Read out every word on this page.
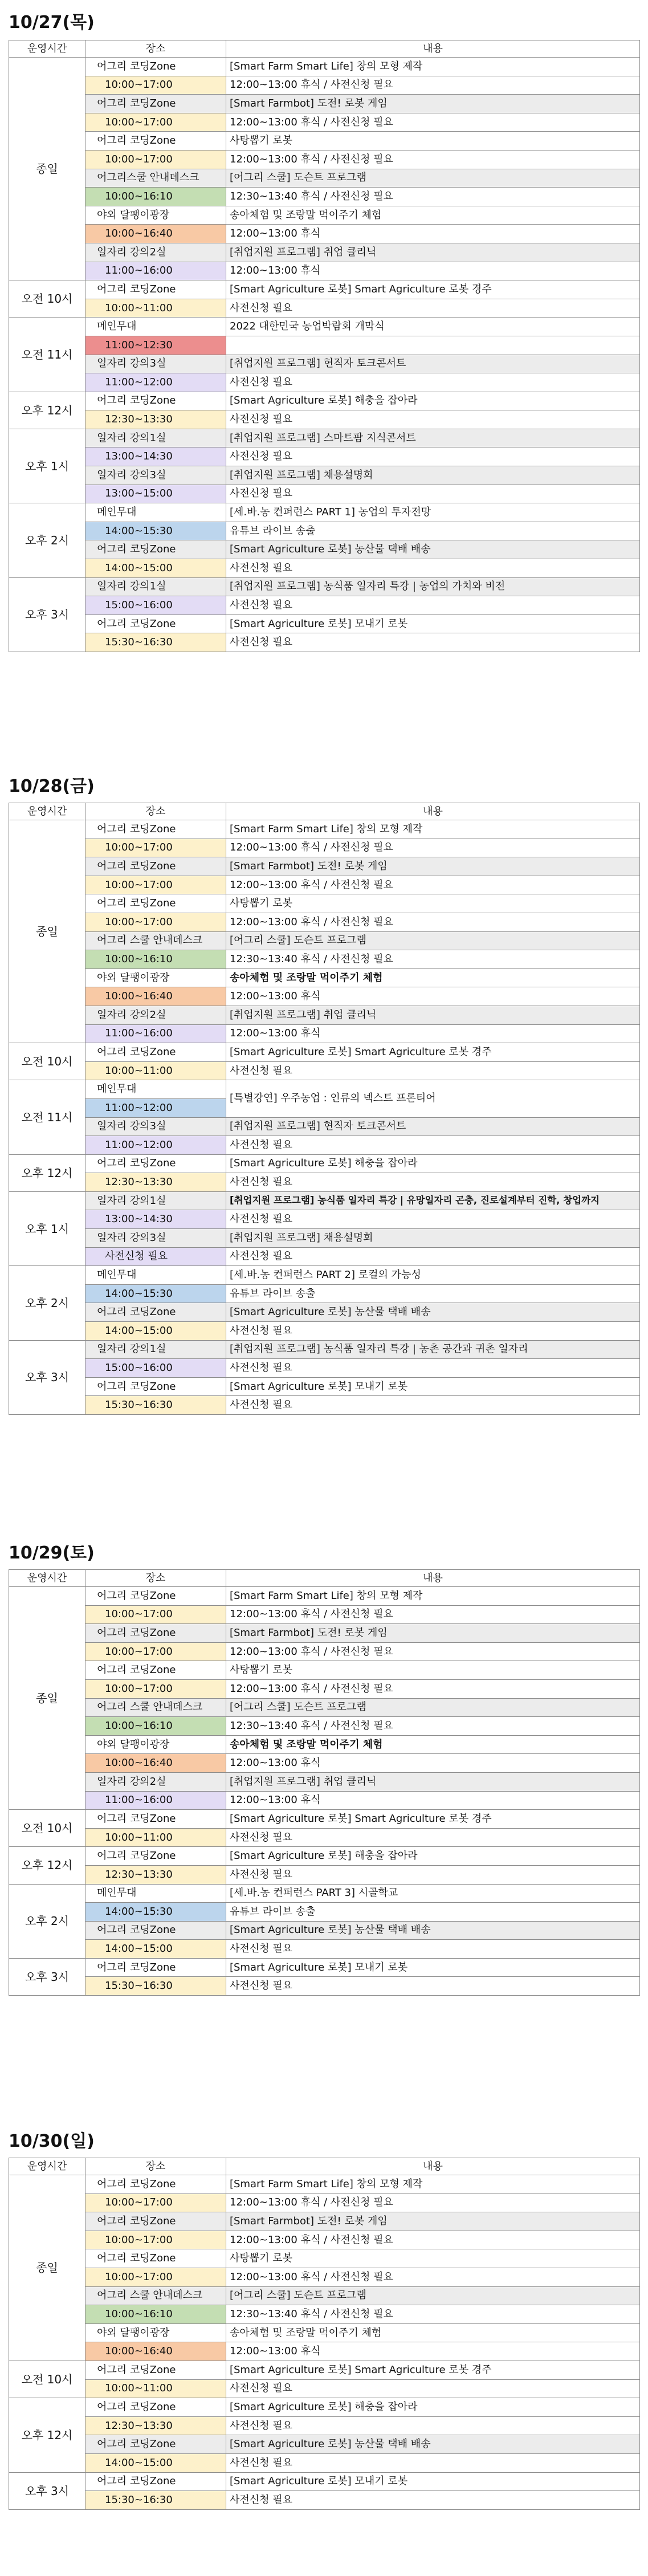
10/27(목)
운영시간	장소	내용
종일	어그리 코딩Zone	[Smart Farm Smart Life] 창의 모형 제작
	10:00~17:00	12:00~13:00 휴식 / 사전신청 필요
	어그리 코딩Zone	[Smart Farmbot] 도전! 로봇 게임
	10:00~17:00	12:00~13:00 휴식 / 사전신청 필요
	어그리 코딩Zone	사탕뽑기 로봇
	10:00~17:00	12:00~13:00 휴식 / 사전신청 필요
	어그리스쿨 안내데스크	[어그리 스쿨] 도슨트 프로그램
	10:00~16:10	12:30~13:40 휴식 / 사전신청 필요
	야외 달팽이광장	송아체험 및 조랑말 먹이주기 체험
	10:00~16:40	12:00~13:00 휴식
	일자리 강의2실	[취업지원 프로그램] 취업 클리닉
	11:00~16:00	12:00~13:00 휴식
오전 10시	어그리 코딩Zone	[Smart Agriculture 로봇] Smart Agriculture 로봇 경주
	10:00~11:00	사전신청 필요
오전 11시	메인무대	2022 대한민국 농업박람회 개막식
	11:00~12:30	
	일자리 강의3실	[취업지원 프로그램] 현직자 토크콘서트
	11:00~12:00	사전신청 필요
오후 12시	어그리 코딩Zone	[Smart Agriculture 로봇] 해충을 잡아라
	12:30~13:30	사전신청 필요
오후 1시	일자리 강의1실	[취업지원 프로그램] 스마트팜 지식콘서트
	13:00~14:30	사전신청 필요
	일자리 강의3실	[취업지원 프로그램] 채용설명회
	13:00~15:00	사전신청 필요
오후 2시	메인무대	[세.바.농 컨퍼런스 PART 1] 농업의 투자전망
	14:00~15:30	유튜브 라이브 송출
	어그리 코딩Zone	[Smart Agriculture 로봇] 농산물 택배 배송
	14:00~15:00	사전신청 필요
오후 3시	일자리 강의1실	[취업지원 프로그램] 농식품 일자리 특강 | 농업의 가치와 비전
	15:00~16:00	사전신청 필요
	어그리 코딩Zone	[Smart Agriculture 로봇] 모내기 로봇
	15:30~16:30	사전신청 필요
10/28(금)
운영시간	장소	내용
종일	어그리 코딩Zone	[Smart Farm Smart Life] 창의 모형 제작
	10:00~17:00	12:00~13:00 휴식 / 사전신청 필요
	어그리 코딩Zone	[Smart Farmbot] 도전! 로봇 게임
	10:00~17:00	12:00~13:00 휴식 / 사전신청 필요
	어그리 코딩Zone	사탕뽑기 로봇
	10:00~17:00	12:00~13:00 휴식 / 사전신청 필요
	어그리 스쿨 안내데스크	[어그리 스쿨] 도슨트 프로그램
	10:00~16:10	12:30~13:40 휴식 / 사전신청 필요
	야외 달팽이광장	송아체험 및 조랑말 먹이주기 체험
	10:00~16:40	12:00~13:00 휴식
	일자리 강의2실	[취업지원 프로그램] 취업 클리닉
	11:00~16:00	12:00~13:00 휴식
오전 10시	어그리 코딩Zone	[Smart Agriculture 로봇] Smart Agriculture 로봇 경주
	10:00~11:00	사전신청 필요
오전 11시	메인무대	[특별강연] 우주농업 : 인류의 넥스트 프론티어
	11:00~12:00	
	일자리 강의3실	[취업지원 프로그램] 현직자 토크콘서트
	11:00~12:00	사전신청 필요
오후 12시	어그리 코딩Zone	[Smart Agriculture 로봇] 해충을 잡아라
	12:30~13:30	사전신청 필요
오후 1시	일자리 강의1실	[취업지원 프로그램] 농식품 일자리 특강 | 유망일자리 곤충, 진로설계부터 진학, 창업까지
	13:00~14:30	사전신청 필요
	일자리 강의3실	[취업지원 프로그램] 채용설명회
	사전신청 필요	사전신청 필요
오후 2시	메인무대	[세.바.농 컨퍼런스 PART 2] 로컬의 가능성
	14:00~15:30	유튜브 라이브 송출
	어그리 코딩Zone	[Smart Agriculture 로봇] 농산물 택배 배송
	14:00~15:00	사전신청 필요
오후 3시	일자리 강의1실	[취업지원 프로그램] 농식품 일자리 특강 | 농촌 공간과 귀촌 일자리
	15:00~16:00	사전신청 필요
	어그리 코딩Zone	[Smart Agriculture 로봇] 모내기 로봇
	15:30~16:30	사전신청 필요
10/29(토)
운영시간	장소	내용
종일	어그리 코딩Zone	[Smart Farm Smart Life] 창의 모형 제작
	10:00~17:00	12:00~13:00 휴식 / 사전신청 필요
	어그리 코딩Zone	[Smart Farmbot] 도전! 로봇 게임
	10:00~17:00	12:00~13:00 휴식 / 사전신청 필요
	어그리 코딩Zone	사탕뽑기 로봇
	10:00~17:00	12:00~13:00 휴식 / 사전신청 필요
	어그리 스쿨 안내데스크	[어그리 스쿨] 도슨트 프로그램
	10:00~16:10	12:30~13:40 휴식 / 사전신청 필요
	야외 달팽이광장	송아체험 및 조랑말 먹이주기 체험
	10:00~16:40	12:00~13:00 휴식
	일자리 강의2실	[취업지원 프로그램] 취업 클리닉
	11:00~16:00	12:00~13:00 휴식
오전 10시	어그리 코딩Zone	[Smart Agriculture 로봇] Smart Agriculture 로봇 경주
	10:00~11:00	사전신청 필요
오후 12시	어그리 코딩Zone	[Smart Agriculture 로봇] 해충을 잡아라
	12:30~13:30	사전신청 필요
오후 2시	메인무대	[세.바.농 컨퍼런스 PART 3] 시골학교
	14:00~15:30	유튜브 라이브 송출
	어그리 코딩Zone	[Smart Agriculture 로봇] 농산물 택배 배송
	14:00~15:00	사전신청 필요
오후 3시	어그리 코딩Zone	[Smart Agriculture 로봇] 모내기 로봇
	15:30~16:30	사전신청 필요
10/30(일)
운영시간	장소	내용
종일	어그리 코딩Zone	[Smart Farm Smart Life] 창의 모형 제작
	10:00~17:00	12:00~13:00 휴식 / 사전신청 필요
	어그리 코딩Zone	[Smart Farmbot] 도전! 로봇 게임
	10:00~17:00	12:00~13:00 휴식 / 사전신청 필요
	어그리 코딩Zone	사탕뽑기 로봇
	10:00~17:00	12:00~13:00 휴식 / 사전신청 필요
	어그리 스쿨 안내데스크	[어그리 스쿨] 도슨트 프로그램
	10:00~16:10	12:30~13:40 휴식 / 사전신청 필요
	야외 달팽이광장	송아체험 및 조랑말 먹이주기 체험
	10:00~16:40	12:00~13:00 휴식
오전 10시	어그리 코딩Zone	[Smart Agriculture 로봇] Smart Agriculture 로봇 경주
	10:00~11:00	사전신청 필요
오후 12시	어그리 코딩Zone	[Smart Agriculture 로봇] 해충을 잡아라
	12:30~13:30	사전신청 필요
	어그리 코딩Zone	[Smart Agriculture 로봇] 농산물 택배 배송
	14:00~15:00	사전신청 필요
오후 3시	어그리 코딩Zone	[Smart Agriculture 로봇] 모내기 로봇
	15:30~16:30	사전신청 필요
